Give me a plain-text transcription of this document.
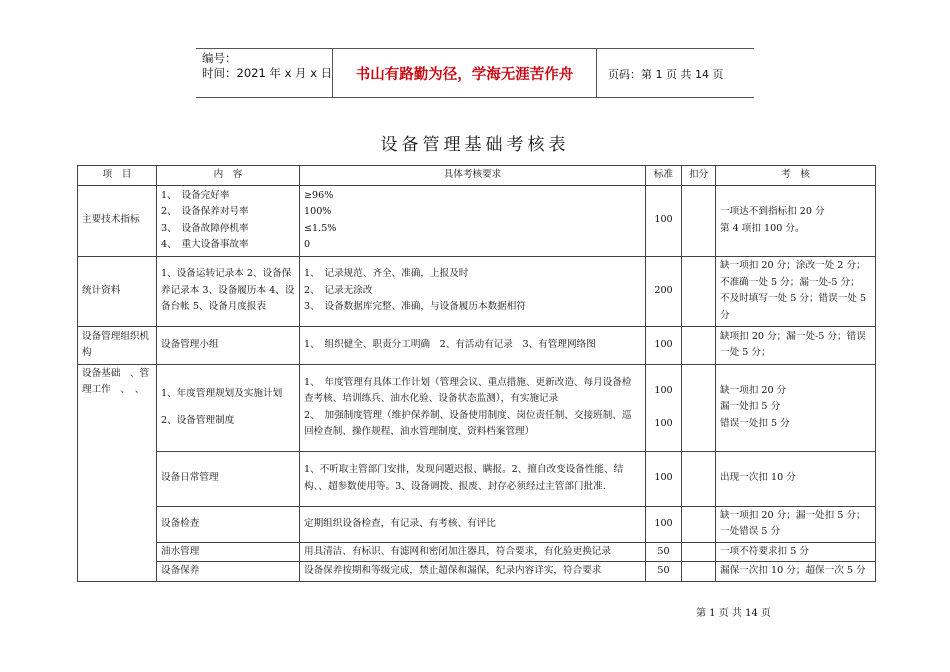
编号：
时间：2021 年 x 月 x 日	书山有路勤为径，学海无涯苦作舟	页码：第 1 页 共 14 页
设备管理基础考核表
项　目	内　容	具体考核要求	标准	扣分	考　核
主要技术指标	1、　设备完好率
2、　设备保养对号率
3、　设备故障停机率
4、　重大设备事故率	≥96%
100%
≤1.5%
0	100		一项达不到指标扣 20 分
第 4 项扣 100 分。

统计资料	1、设备运转记录本 2、设备保养记录本 3、设备履历本 4、设备台帐 5、设备月度报表	1、　记录规范、齐全、准确，上报及时
2、　记录无涂改
3、　设备数据库完整、准确，与设备履历本数据相符	200		缺一项扣 20 分；涂改一处 2 分；
不准确一处 5 分；漏一处-5 分；
不及时填写一处 5 分；错误一处 5
分

设备管理组织机构	设备管理小组	1、　组织健全、职责分工明确　2、有活动有记录　3、有管理网络图	100		缺项扣 20 分；漏一处-5 分；错误
一处 5 分；

设备基础　、管理工作　、　、	1、年度管理规划及实施计划
2、设备管理制度	1、　年度管理有具体工作计划（管理会议、重点措施、更新改造、每月设备检查考核、培训练兵、油水化验、设备状态监测），有实施记录
2、　加强制度管理（维护保养制、设备使用制度、岗位责任制、交接班制、巡回检查制、操作规程、油水管理制度、资料档案管理）	100
100		缺一项扣 20 分
漏一处扣 5 分
错误一处扣 5 分

	设备日常管理	1、不听取主管部门安排，发现问题迟报、瞒报。2、擅自改变设备性能、结构、、超参数使用等。3、设备调拨、报废、封存必须经过主管部门批准.	100		出现一次扣 10 分
	设备检查	定期组织设备检查，有记录、有考核、有评比	100		缺一项扣 20 分；漏一处扣 5 分；
一处错误 5 分

	油水管理	用具清洁、有标识、有滤网和密闭加注器具，符合要求，有化验更换记录	50		一项不符要求扣 5 分
	设备保养	设备保养按期和等级完成，禁止超保和漏保，纪录内容详实，符合要求	50		漏保一次扣 10 分；超保一次 5 分
第 1 页 共 14 页
